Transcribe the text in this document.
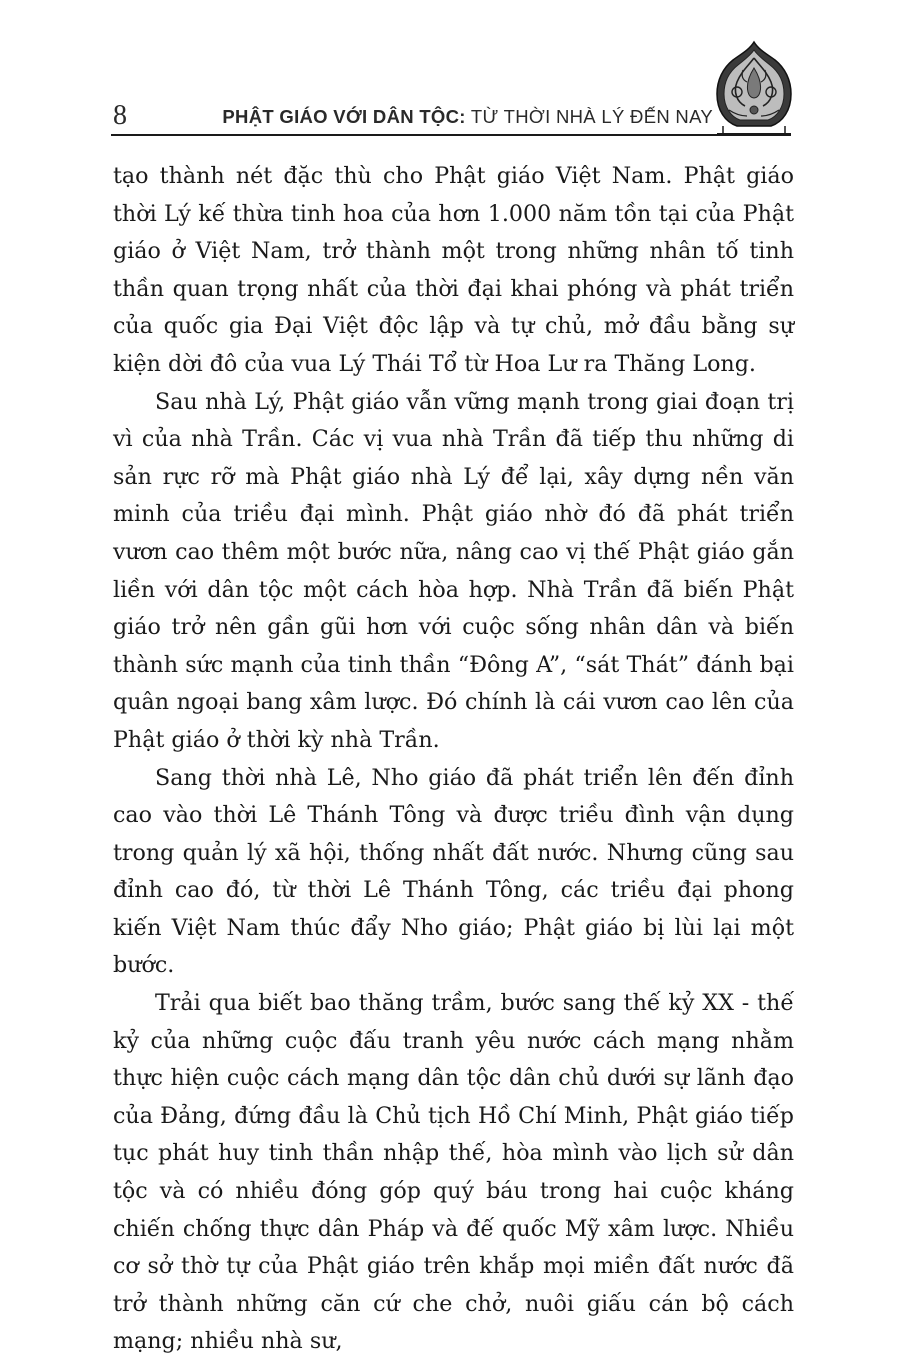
8	PHẬT GIÁO VỚI DÂN TỘC: TỪ THỜI NHÀ LÝ ĐẾN NAY

tạo thành nét đặc thù cho Phật giáo Việt Nam. Phật giáo thời Lý kế thừa tinh hoa của hơn 1.000 năm tồn tại của Phật giáo ở Việt Nam, trở thành một trong những nhân tố tinh thần quan trọng nhất của thời đại khai phóng và phát triển của quốc gia Đại Việt độc lập và tự chủ, mở đầu bằng sự kiện dời đô của vua Lý Thái Tổ từ Hoa Lư ra Thăng Long.

Sau nhà Lý, Phật giáo vẫn vững mạnh trong giai đoạn trị vì của nhà Trần. Các vị vua nhà Trần đã tiếp thu những di sản rực rỡ mà Phật giáo nhà Lý để lại, xây dựng nền văn minh của triều đại mình. Phật giáo nhờ đó đã phát triển vươn cao thêm một bước nữa, nâng cao vị thế Phật giáo gắn liền với dân tộc một cách hòa hợp. Nhà Trần đã biến Phật giáo trở nên gần gũi hơn với cuộc sống nhân dân và biến thành sức mạnh của tinh thần “Đông A”, “sát Thát” đánh bại quân ngoại bang xâm lược. Đó chính là cái vươn cao lên của Phật giáo ở thời kỳ nhà Trần.

Sang thời nhà Lê, Nho giáo đã phát triển lên đến đỉnh cao vào thời Lê Thánh Tông và được triều đình vận dụng trong quản lý xã hội, thống nhất đất nước. Nhưng cũng sau đỉnh cao đó, từ thời Lê Thánh Tông, các triều đại phong kiến Việt Nam thúc đẩy Nho giáo; Phật giáo bị lùi lại một bước.

Trải qua biết bao thăng trầm, bước sang thế kỷ XX - thế kỷ của những cuộc đấu tranh yêu nước cách mạng nhằm thực hiện cuộc cách mạng dân tộc dân chủ dưới sự lãnh đạo của Đảng, đứng đầu là Chủ tịch Hồ Chí Minh, Phật giáo tiếp tục phát huy tinh thần nhập thế, hòa mình vào lịch sử dân tộc và có nhiều đóng góp quý báu trong hai cuộc kháng chiến chống thực dân Pháp và đế quốc Mỹ xâm lược. Nhiều cơ sở thờ tự của Phật giáo trên khắp mọi miền đất nước đã trở thành những căn cứ che chở, nuôi giấu cán bộ cách mạng; nhiều nhà sư,
